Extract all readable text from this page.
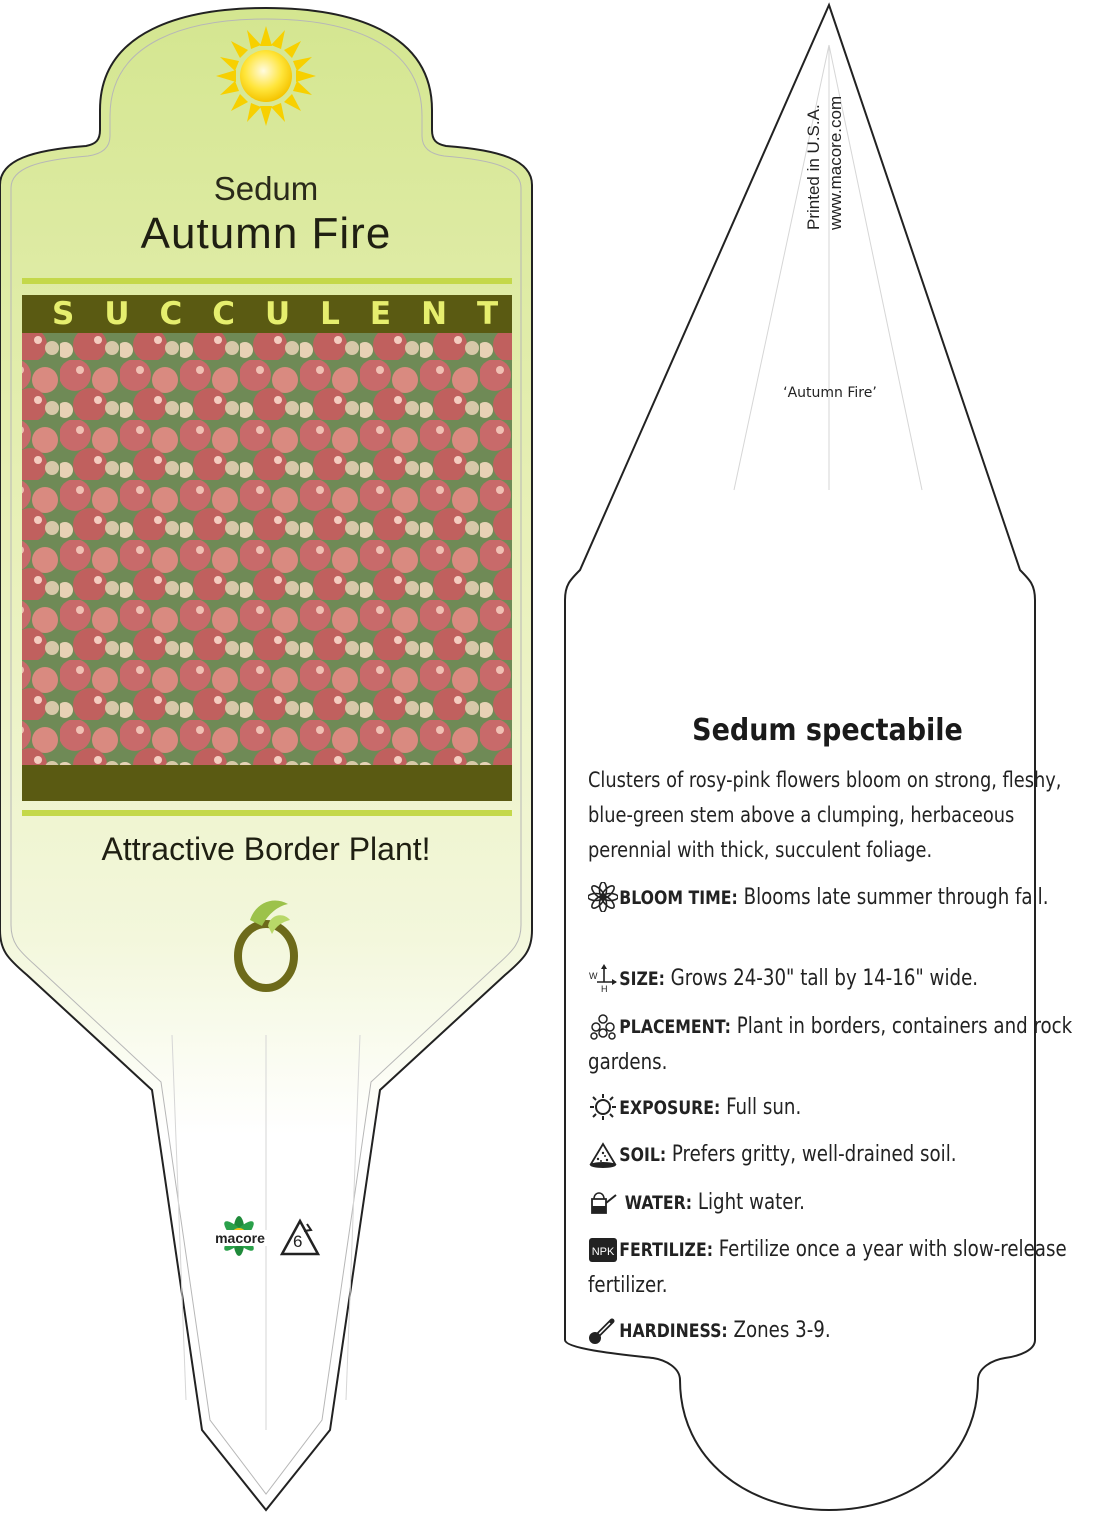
Sedum
Autumn Fire
SUCCULENT
Attractive Border Plant!
macore	6
Printed in U.S.A. www.macore.com
‘Autumn Fire’
Sedum spectabile
Clusters of rosy-pink flowers bloom on strong, fleshy, blue-green stem above a clumping, herbaceous perennial with thick, succulent foliage.
BLOOM TIME: Blooms late summer through fall.
SIZE: Grows 24-30" tall by 14-16" wide.
PLACEMENT: Plant in borders, containers and rock gardens.
EXPOSURE: Full sun.
SOIL: Prefers gritty, well-drained soil.
WATER: Light water.
FERTILIZE: Fertilize once a year with slow-release fertilizer.
HARDINESS: Zones 3-9.
W
H
NPK
